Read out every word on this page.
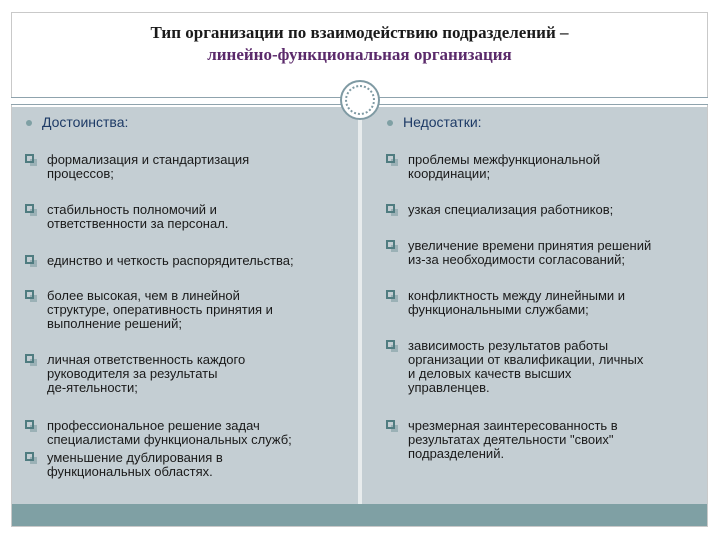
Тип организации по взаимодействию подразделений –
линейно-функциональная организация
Достоинства:	Недостатки:
формализация и стандартизация
процессов;
стабильность полномочий и
ответственности за персонал.
единство и четкость распорядительства;
более высокая, чем в линейной
структуре, оперативность принятия и
выполнение решений;
личная ответственность каждого
руководителя за результаты
де-ятельности;
профессиональное решение задач
специалистами функциональных служб;
уменьшение дублирования в
функциональных областях.
проблемы межфункциональной
координации;
узкая специализация работников;
увеличение времени принятия решений
из-за необходимости согласований;
конфликтность между линейными и
функциональными службами;
зависимость результатов работы
организации от квалификации, личных
и деловых качеств высших
управленцев.
чрезмерная заинтересованность в
результатах деятельности "своих"
подразделений.
